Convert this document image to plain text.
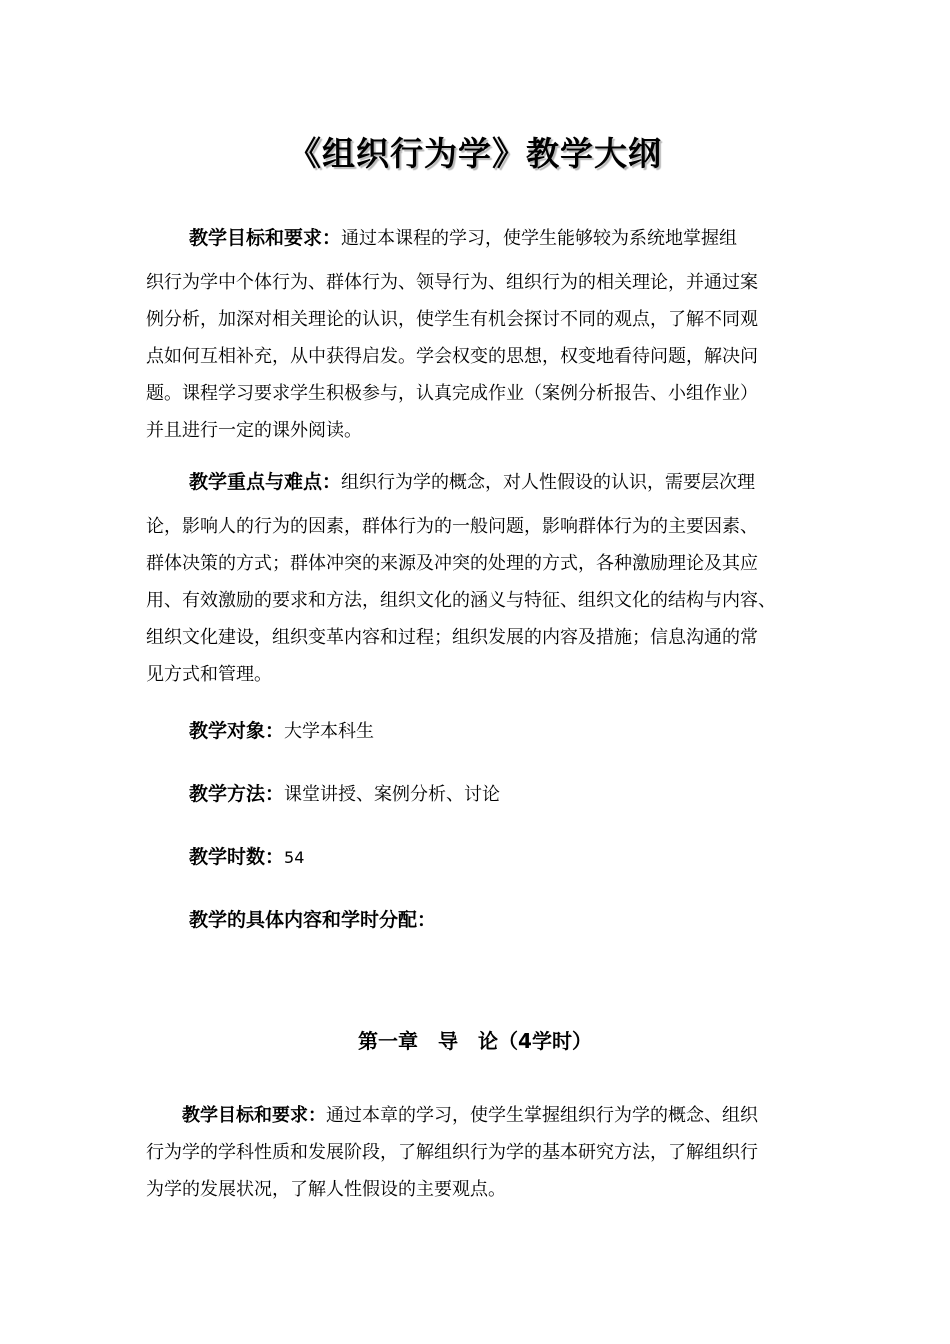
《组织行为学》教学大纲
教学目标和要求：通过本课程的学习，使学生能够较为系统地掌握组
织行为学中个体行为、群体行为、领导行为、组织行为的相关理论，并通过案
例分析，加深对相关理论的认识，使学生有机会探讨不同的观点，了解不同观
点如何互相补充，从中获得启发。学会权变的思想，权变地看待问题，解决问
题。课程学习要求学生积极参与，认真完成作业（案例分析报告、小组作业）
并且进行一定的课外阅读。
教学重点与难点：组织行为学的概念，对人性假设的认识，需要层次理
论，影响人的行为的因素，群体行为的一般问题，影响群体行为的主要因素、
群体决策的方式；群体冲突的来源及冲突的处理的方式，各种激励理论及其应
用、有效激励的要求和方法，组织文化的涵义与特征、组织文化的结构与内容、
组织文化建设，组织变革内容和过程；组织发展的内容及措施；信息沟通的常
见方式和管理。
教学对象：大学本科生
教学方法：课堂讲授、案例分析、讨论
教学时数：54
教学的具体内容和学时分配：
第一章　导　论（4学时）
教学目标和要求：通过本章的学习，使学生掌握组织行为学的概念、组织
行为学的学科性质和发展阶段，了解组织行为学的基本研究方法，了解组织行
为学的发展状况，了解人性假设的主要观点。
